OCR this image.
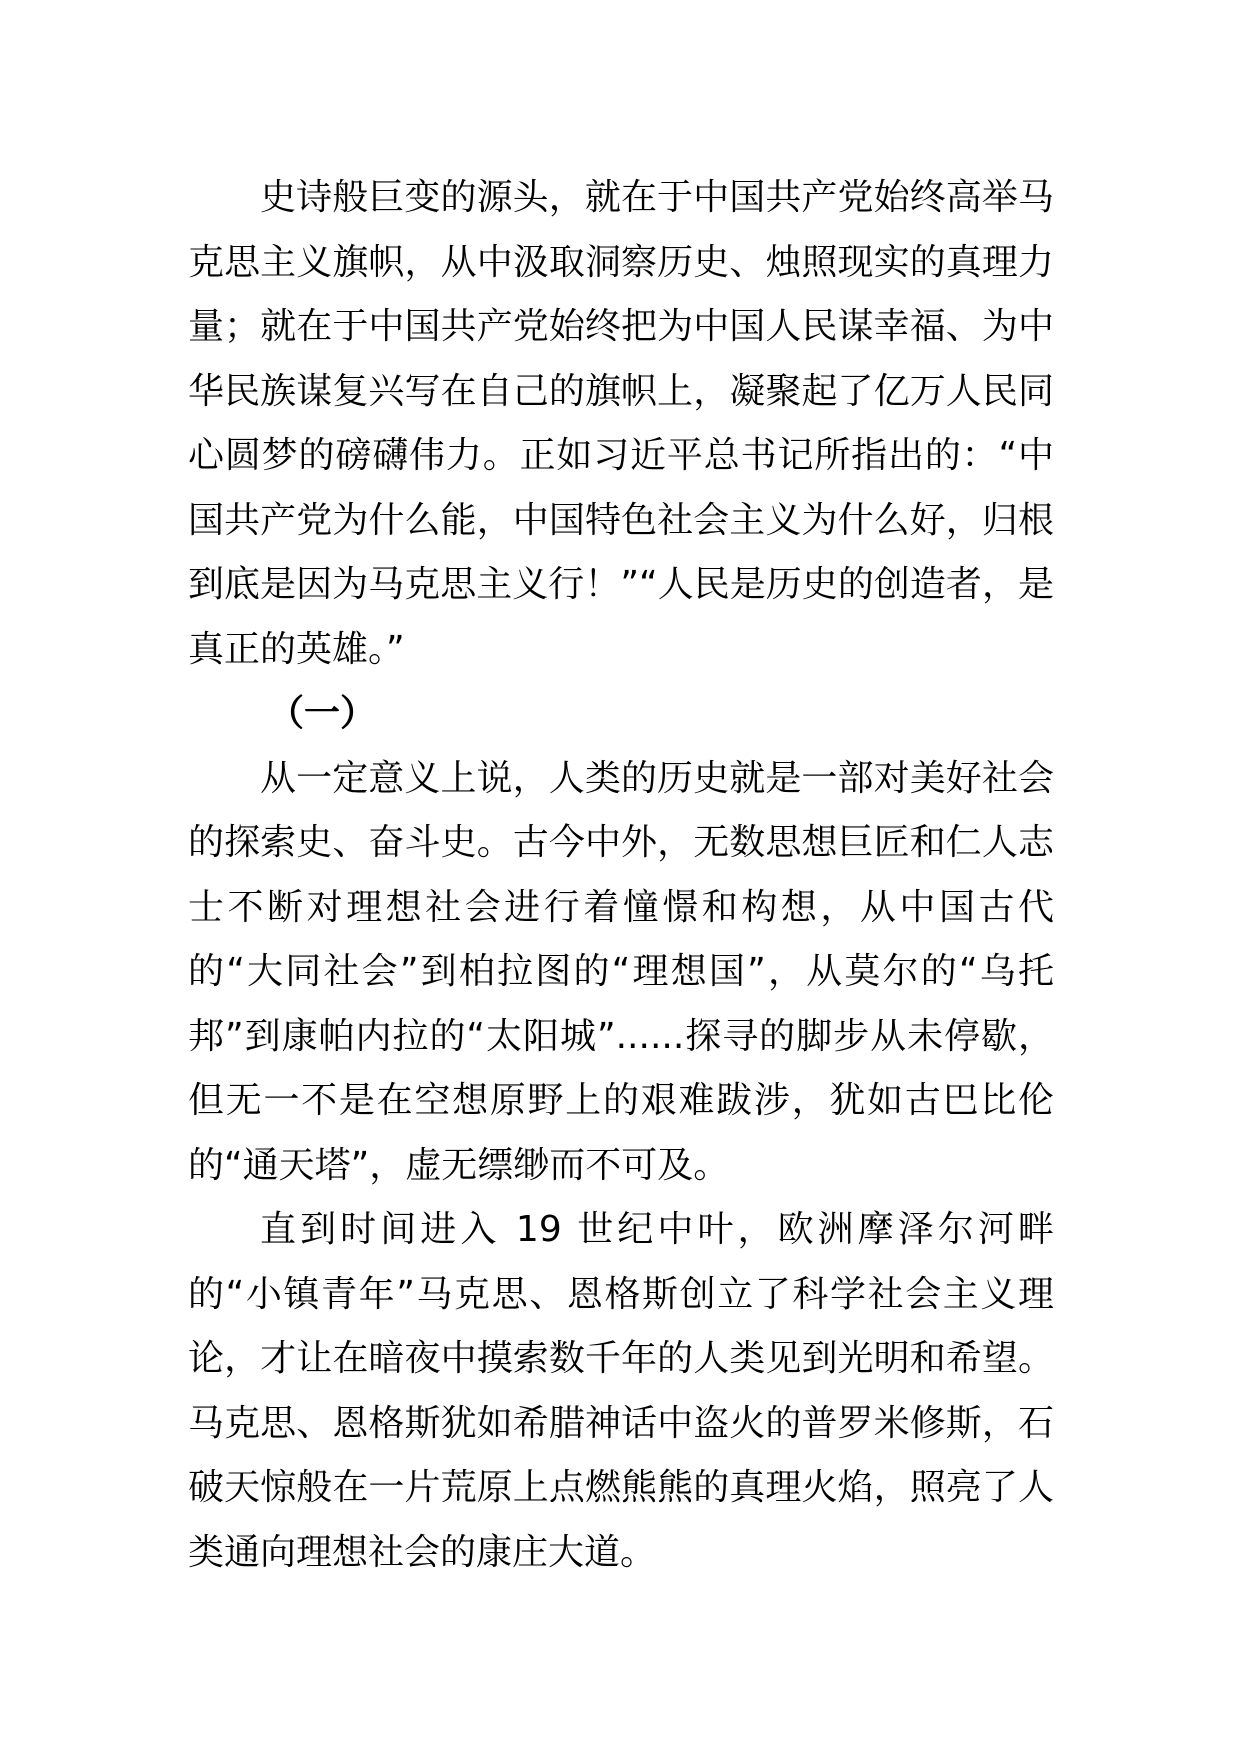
史诗般巨变的源头，就在于中国共产党始终高举马克思主义旗帜，从中汲取洞察历史、烛照现实的真理力量；就在于中国共产党始终把为中国人民谋幸福、为中华民族谋复兴写在自己的旗帜上，凝聚起了亿万人民同心圆梦的磅礴伟力。正如习近平总书记所指出的：“中国共产党为什么能，中国特色社会主义为什么好，归根到底是因为马克思主义行！”“人民是历史的创造者，是真正的英雄。”

（一）

从一定意义上说，人类的历史就是一部对美好社会的探索史、奋斗史。古今中外，无数思想巨匠和仁人志士不断对理想社会进行着憧憬和构想，从中国古代的“大同社会”到柏拉图的“理想国”，从莫尔的“乌托邦”到康帕内拉的“太阳城”......探寻的脚步从未停歇，但无一不是在空想原野上的艰难跋涉，犹如古巴比伦的“通天塔”，虚无缥缈而不可及。

直到时间进入 19 世纪中叶，欧洲摩泽尔河畔的“小镇青年”马克思、恩格斯创立了科学社会主义理论，才让在暗夜中摸索数千年的人类见到光明和希望。马克思、恩格斯犹如希腊神话中盗火的普罗米修斯，石破天惊般在一片荒原上点燃熊熊的真理火焰，照亮了人类通向理想社会的康庄大道。
